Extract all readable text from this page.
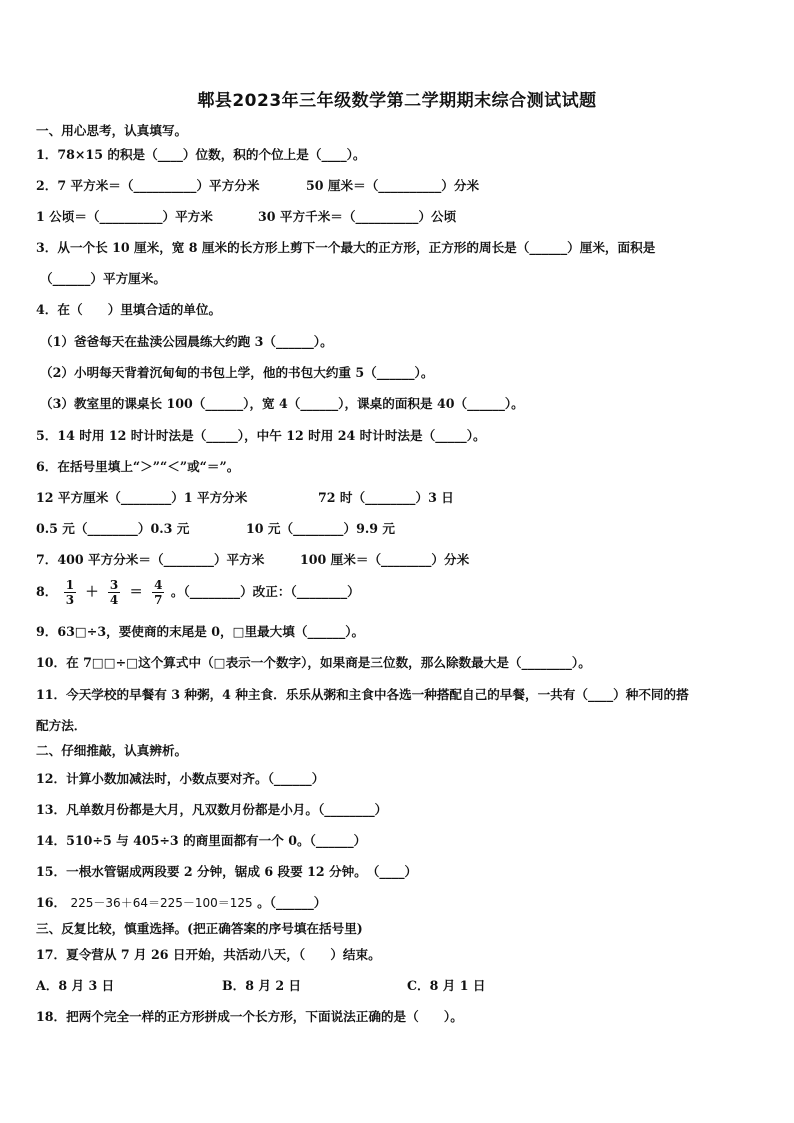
郫县2023年三年级数学第二学期期末综合测试试题
一、用心思考，认真填写。
1．78×15 的积是（____）位数，积的个位上是（____）。
2．7 平方米＝（__________）平方分米	50 厘米＝（__________）分米
1 公顷＝（__________）平方米	30 平方千米＝（__________）公顷
3．从一个长 10 厘米，宽 8 厘米的长方形上剪下一个最大的正方形，正方形的周长是（______）厘米，面积是
（______）平方厘米。
4．在（　　）里填合适的单位。
（1）爸爸每天在盐渎公园晨练大约跑 3（______）。
（2）小明每天背着沉甸甸的书包上学，他的书包大约重 5（______）。
（3）教室里的课桌长 100（______），宽 4（______），课桌的面积是 40（______）。
5．14 时用 12 时计时法是（_____），中午 12 时用 24 时计时法是（_____）。
6．在括号里填上“＞”“＜”或“＝”。
12 平方厘米（________）1 平方分米	72 时（________）3 日
0.5 元（________）0.3 元	10 元（________）9.9 元
7．400 平方分米＝（________）平方米	100 厘米＝（________）分米
8． $\frac{1}{3} + \frac{3}{4} = \frac{4}{7}$ 。（________）改正：（________）
9．63□÷3，要使商的末尾是 0，□里最大填（______）。
10．在 7□□÷□这个算式中（□表示一个数字），如果商是三位数，那么除数最大是（________）。
11．今天学校的早餐有 3 种粥，4 种主食．乐乐从粥和主食中各选一种搭配自己的早餐，一共有（____）种不同的搭
配方法．
二、仔细推敲，认真辨析。
12．计算小数加减法时，小数点要对齐。（______）
13．凡单数月份都是大月，凡双数月份都是小月。（________）
14．510÷5 与 405÷3 的商里面都有一个 0。（______）
15．一根水管锯成两段要 2 分钟，锯成 6 段要 12 分钟。　（____）
16． 225－36＋64＝225－100＝125 。（______）
三、反复比较，慎重选择。(把正确答案的序号填在括号里)
17．夏令营从 7 月 26 日开始，共活动八天，（　　）结束。
A．8 月 3 日	B．8 月 2 日	C．8 月 1 日
18．把两个完全一样的正方形拼成一个长方形，下面说法正确的是（　　）。
